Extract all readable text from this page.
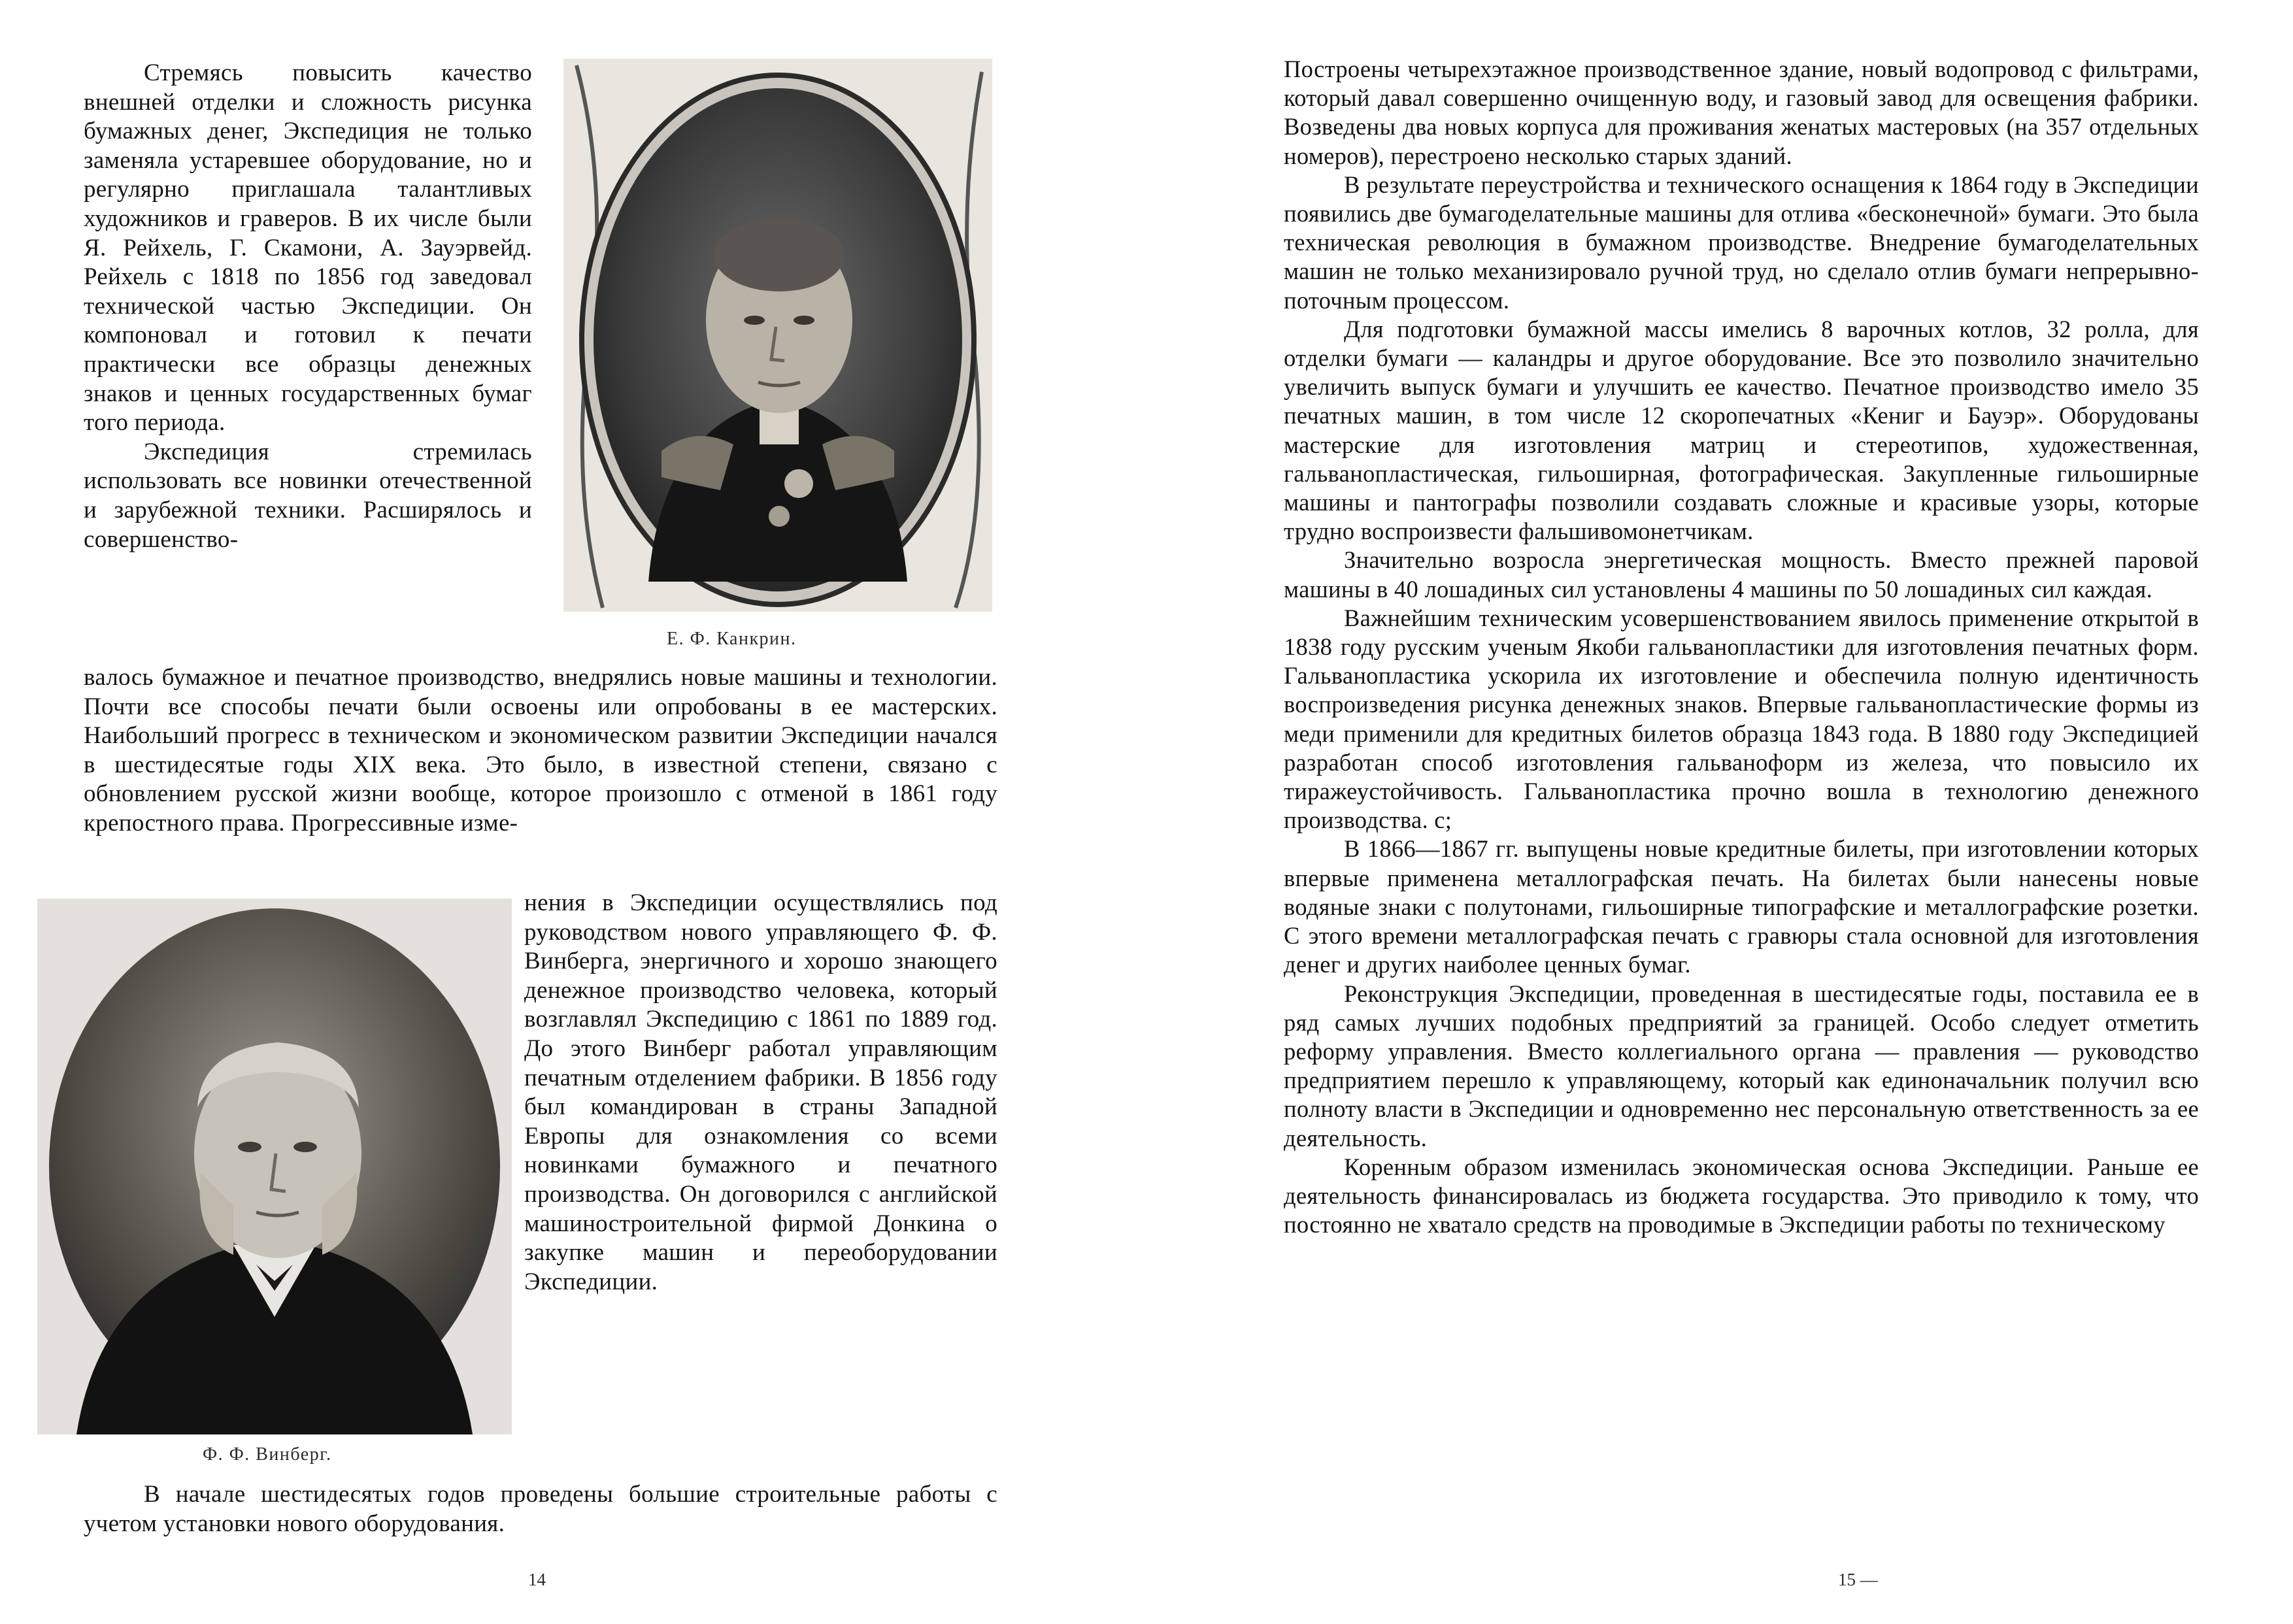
Стремясь повысить качество внешней отделки и сложность рисунка бумажных денег, Экспедиция не только заменяла устаревшее оборудование, но и регулярно приглашала талантливых художников и граверов. В их числе были Я. Рейхель, Г. Скамони, А. Зауэрвейд. Рейхель с 1818 по 1856 год заведовал технической частью Экспедиции. Он компоновал и готовил к печати практически все образцы денежных знаков и ценных государственных бумаг того периода.

Экспедиция стремилась использовать все новинки отечественной и зарубежной техники. Расширялось и совершенство-

Е. Ф. Канкрин.

валось бумажное и печатное производство, внедрялись новые машины и технологии. Почти все способы печати были освоены или опробованы в ее мастерских. Наибольший прогресс в техническом и экономическом развитии Экспедиции начался в шестидесятые годы XIX века. Это было, в известной степени, связано с обновлением русской жизни вообще, которое произошло с отменой в 1861 году крепостного права. Прогрессивные изме-

Ф. Ф. Винберг.

нения в Экспедиции осуществлялись под руководством нового управляющего Ф. Ф. Винберга, энергичного и хорошо знающего денежное производство человека, который возглавлял Экспедицию с 1861 по 1889 год. До этого Винберг работал управляющим печатным отделением фабрики. В 1856 году был командирован в страны Западной Европы для ознакомления со всеми новинками бумажного и печатного производства. Он договорился с английской машиностроительной фирмой Донкина о закупке машин и переоборудовании Экспедиции.

В начале шестидесятых годов проведены большие строительные работы с учетом установки нового оборудования.

14

Построены четырехэтажное производственное здание, новый водопровод с фильтрами, который давал совершенно очищенную воду, и газовый завод для освещения фабрики. Возведены два новых корпуса для проживания женатых мастеровых (на 357 отдельных номеров), перестроено несколько старых зданий.

В результате переустройства и технического оснащения к 1864 году в Экспедиции появились две бумагоделательные машины для отлива «бесконечной» бумаги. Это была техническая революция в бумажном производстве. Внедрение бумагоделательных машин не только механизировало ручной труд, но сделало отлив бумаги непрерывно-поточным процессом.

Для подготовки бумажной массы имелись 8 варочных котлов, 32 ролла, для отделки бумаги — каландры и другое оборудование. Все это позволило значительно увеличить выпуск бумаги и улучшить ее качество. Печатное производство имело 35 печатных машин, в том числе 12 скоропечатных «Кениг и Бауэр». Оборудованы мастерские для изготовления матриц и стереотипов, художественная, гальванопластическая, гильоширная, фотографическая. Закупленные гильоширные машины и пантографы позволили создавать сложные и красивые узоры, которые трудно воспроизвести фальшивомонетчикам.

Значительно возросла энергетическая мощность. Вместо прежней паровой машины в 40 лошадиных сил установлены 4 машины по 50 лошадиных сил каждая.

Важнейшим техническим усовершенствованием явилось применение открытой в 1838 году русским ученым Якоби гальванопластики для изготовления печатных форм. Гальванопластика ускорила их изготовление и обеспечила полную идентичность воспроизведения рисунка денежных знаков. Впервые гальванопластические формы из меди применили для кредитных билетов образца 1843 года. В 1880 году Экспедицией разработан способ изготовления гальваноформ из железа, что повысило их тиражеустойчивость. Гальванопластика прочно вошла в технологию денежного производства. с;

В 1866—1867 гг. выпущены новые кредитные билеты, при изготовлении которых впервые применена металлографская печать. На билетах были нанесены новые водяные знаки с полутонами, гильоширные типографские и металлографские розетки. С этого времени металлографская печать с гравюры стала основной для изготовления денег и других наиболее ценных бумаг.

Реконструкция Экспедиции, проведенная в шестидесятые годы, поставила ее в ряд самых лучших подобных предприятий за границей. Особо следует отметить реформу управления. Вместо коллегиального органа — правления — руководство предприятием перешло к управляющему, который как единоначальник получил всю полноту власти в Экспедиции и одновременно нес персональную ответственность за ее деятельность.

Коренным образом изменилась экономическая основа Экспедиции. Раньше ее деятельность финансировалась из бюджета государства. Это приводило к тому, что постоянно не хватало средств на проводимые в Экспедиции работы по техническому

15 —
